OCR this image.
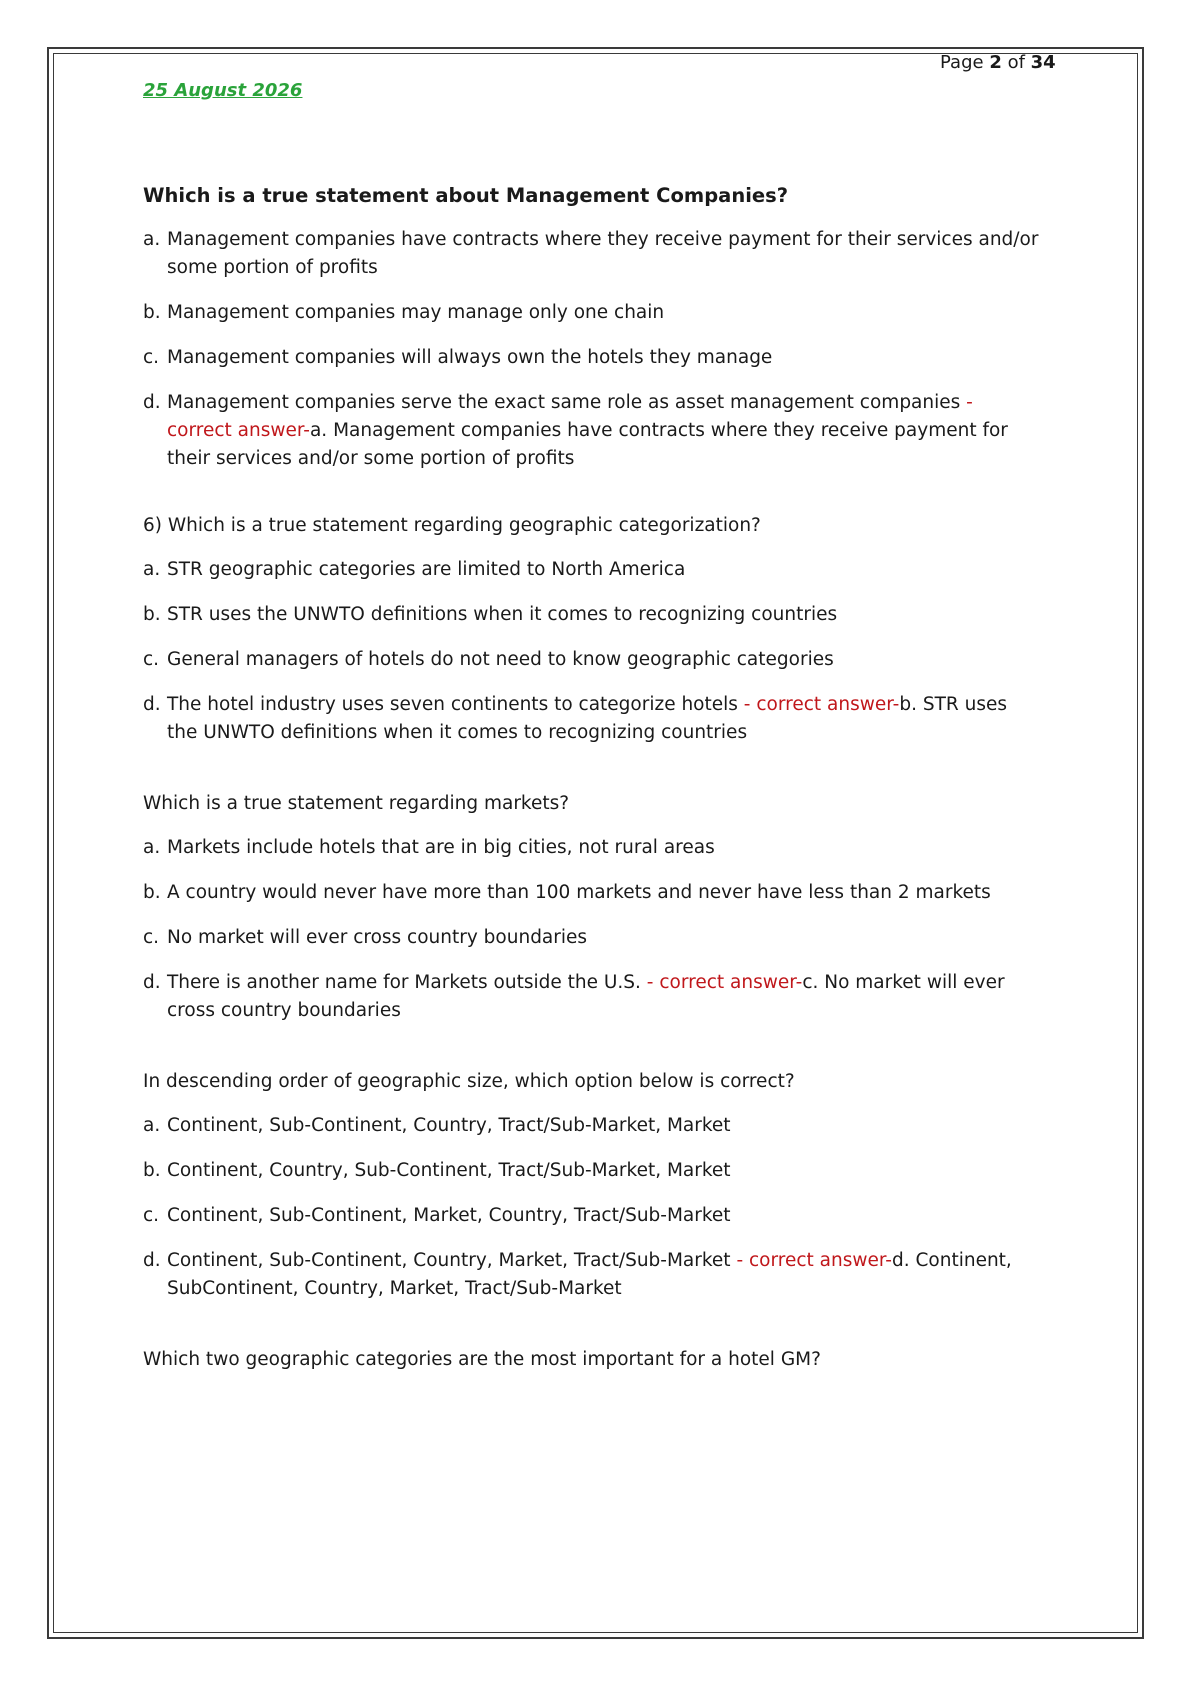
Page 2 of 34
25 August 2026

Which is a true statement about Management Companies?

a. Management companies have contracts where they receive payment for their services and/or some portion of profits
b. Management companies may manage only one chain
c. Management companies will always own the hotels they manage
d. Management companies serve the exact same role as asset management companies - correct answer-a. Management companies have contracts where they receive payment for their services and/or some portion of profits

6) Which is a true statement regarding geographic categorization?

a. STR geographic categories are limited to North America
b. STR uses the UNWTO definitions when it comes to recognizing countries
c. General managers of hotels do not need to know geographic categories
d. The hotel industry uses seven continents to categorize hotels - correct answer-b. STR uses the UNWTO definitions when it comes to recognizing countries

Which is a true statement regarding markets?

a. Markets include hotels that are in big cities, not rural areas
b. A country would never have more than 100 markets and never have less than 2 markets
c. No market will ever cross country boundaries
d. There is another name for Markets outside the U.S. - correct answer-c. No market will ever cross country boundaries

In descending order of geographic size, which option below is correct?

a. Continent, Sub-Continent, Country, Tract/Sub-Market, Market
b. Continent, Country, Sub-Continent, Tract/Sub-Market, Market
c. Continent, Sub-Continent, Market, Country, Tract/Sub-Market
d. Continent, Sub-Continent, Country, Market, Tract/Sub-Market - correct answer-d. Continent, SubContinent, Country, Market, Tract/Sub-Market

Which two geographic categories are the most important for a hotel GM?
